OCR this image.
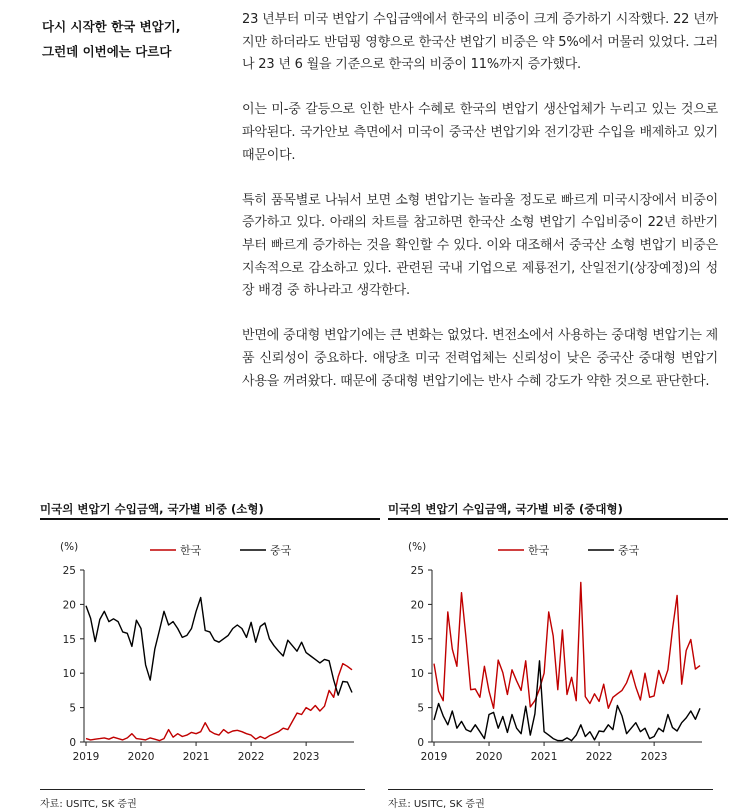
다시 시작한 한국 변압기,
그런데 이번에는 다르다

23 년부터 미국 변압기 수입금액에서 한국의 비중이 크게 증가하기 시작했다. 22 년까지만 하더라도 반덤핑 영향으로 한국산 변압기 비중은 약 5%에서 머물러 있었다. 그러나 23 년 6 월을 기준으로 한국의 비중이 11%까지 증가했다.

이는 미-중 갈등으로 인한 반사 수혜로 한국의 변압기 생산업체가 누리고 있는 것으로 파악된다. 국가안보 측면에서 미국이 중국산 변압기와 전기강판 수입을 배제하고 있기 때문이다.

특히 품목별로 나눠서 보면 소형 변압기는 놀라울 정도로 빠르게 미국시장에서 비중이 증가하고 있다. 아래의 차트를 참고하면 한국산 소형 변압기 수입비중이 22년 하반기부터 빠르게 증가하는 것을 확인할 수 있다. 이와 대조해서 중국산 소형 변압기 비중은 지속적으로 감소하고 있다. 관련된 국내 기업으로 제룡전기, 산일전기(상장예정)의 성장 배경 중 하나라고 생각한다.

반면에 중대형 변압기에는 큰 변화는 없었다. 변전소에서 사용하는 중대형 변압기는 제품 신뢰성이 중요하다. 애당초 미국 전력업체는 신뢰성이 낮은 중국산 중대형 변압기 사용을 꺼려왔다. 때문에 중대형 변압기에는 반사 수혜 강도가 약한 것으로 판단한다.

미국의 변압기 수입금액, 국가별 비중 (소형)
(%)	한국	중국
0
5
10
15
20
25
2019	2020	2021	2022	2023
자료: USITC, SK 증권
미국의 변압기 수입금액, 국가별 비중 (중대형)
(%)	한국	중국
0
5
10
15
20
25
2019	2020	2021	2022	2023
자료: USITC, SK 증권
